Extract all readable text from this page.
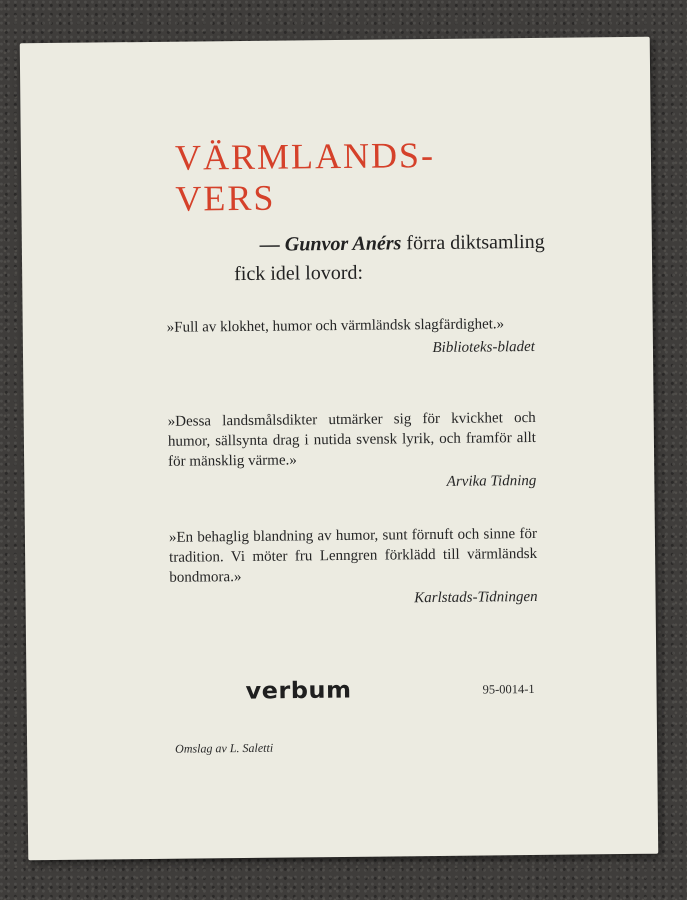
VÄRMLANDS-
VERS
— Gunvor Anérs förra diktsamling
fick idel lovord:
»Full av klokhet, humor och värmländsk slagfärdighet.»
Biblioteks-bladet
»Dessa landsmålsdikter utmärker sig för kvickhet och humor, sällsynta drag i nutida svensk lyrik, och framför allt för mänsklig värme.»
Arvika Tidning
»En behaglig blandning av humor, sunt förnuft och sinne för tradition. Vi möter fru Lenngren förklädd till värmländsk bondmora.»
Karlstads-Tidningen
verbum	95-0014-1
Omslag av L. Saletti
